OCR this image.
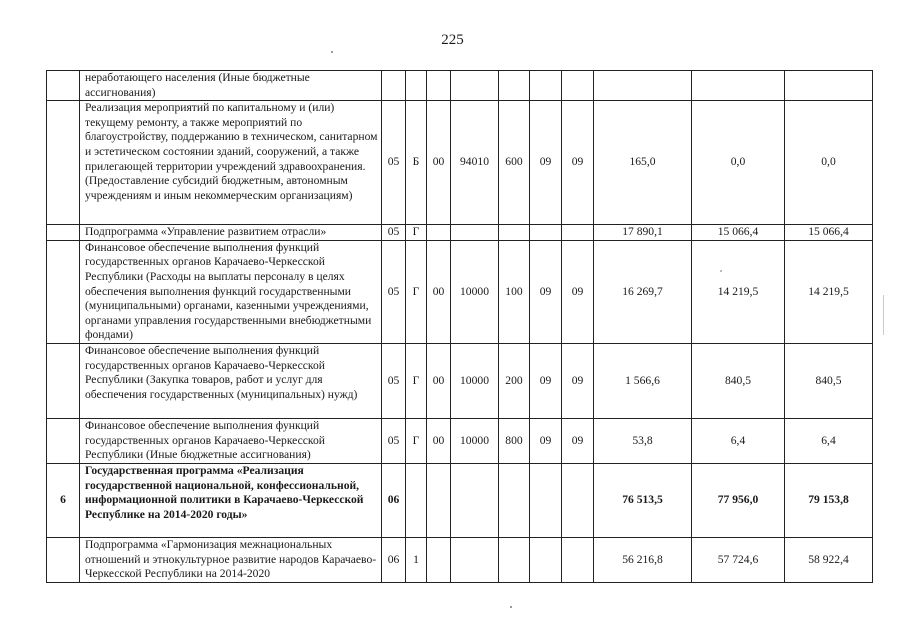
225
	неработающего населения (Иные бюджетные ассигнования)										
	Реализация мероприятий по капитальному и (или) текущему ремонту, а также мероприятий по благоустройству, поддержанию в техническом, санитарном и эстетическом состоянии зданий, сооружений, а также прилегающей территории учреждений здравоохранения. (Предоставление субсидий бюджетным, автономным учреждениям и иным некоммерческим организациям)	05	Б	00	94010	600	09	09	165,0	0,0	0,0
	Подпрограмма «Управление развитием отрасли»	05	Г						17 890,1	15 066,4	15 066,4
	Финансовое обеспечение выполнения функций государственных органов Карачаево-Черкесской Республики (Расходы на выплаты персоналу в целях обеспечения выполнения функций государственными (муниципальными) органами, казенными учреждениями, органами управления государственными внебюджетными фондами)	05	Г	00	10000	100	09	09	16 269,7	14 219,5	14 219,5
	Финансовое обеспечение выполнения функций государственных органов Карачаево-Черкесской Республики (Закупка товаров, работ и услуг для обеспечения государственных (муниципальных) нужд)	05	Г	00	10000	200	09	09	1 566,6	840,5	840,5
	Финансовое обеспечение выполнения функций государственных органов Карачаево-Черкесской Республики (Иные бюджетные ассигнования)	05	Г	00	10000	800	09	09	53,8	6,4	6,4
6	Государственная программа «Реализация государственной национальной, конфессиональной, информационной политики в Карачаево-Черкесской Республике на 2014-2020 годы»	06							76 513,5	77 956,0	79 153,8
	Подпрограмма «Гармонизация межнациональных отношений и этнокультурное развитие народов Карачаево-Черкесской Республики на 2014-2020	06	1						56 216,8	57 724,6	58 922,4
